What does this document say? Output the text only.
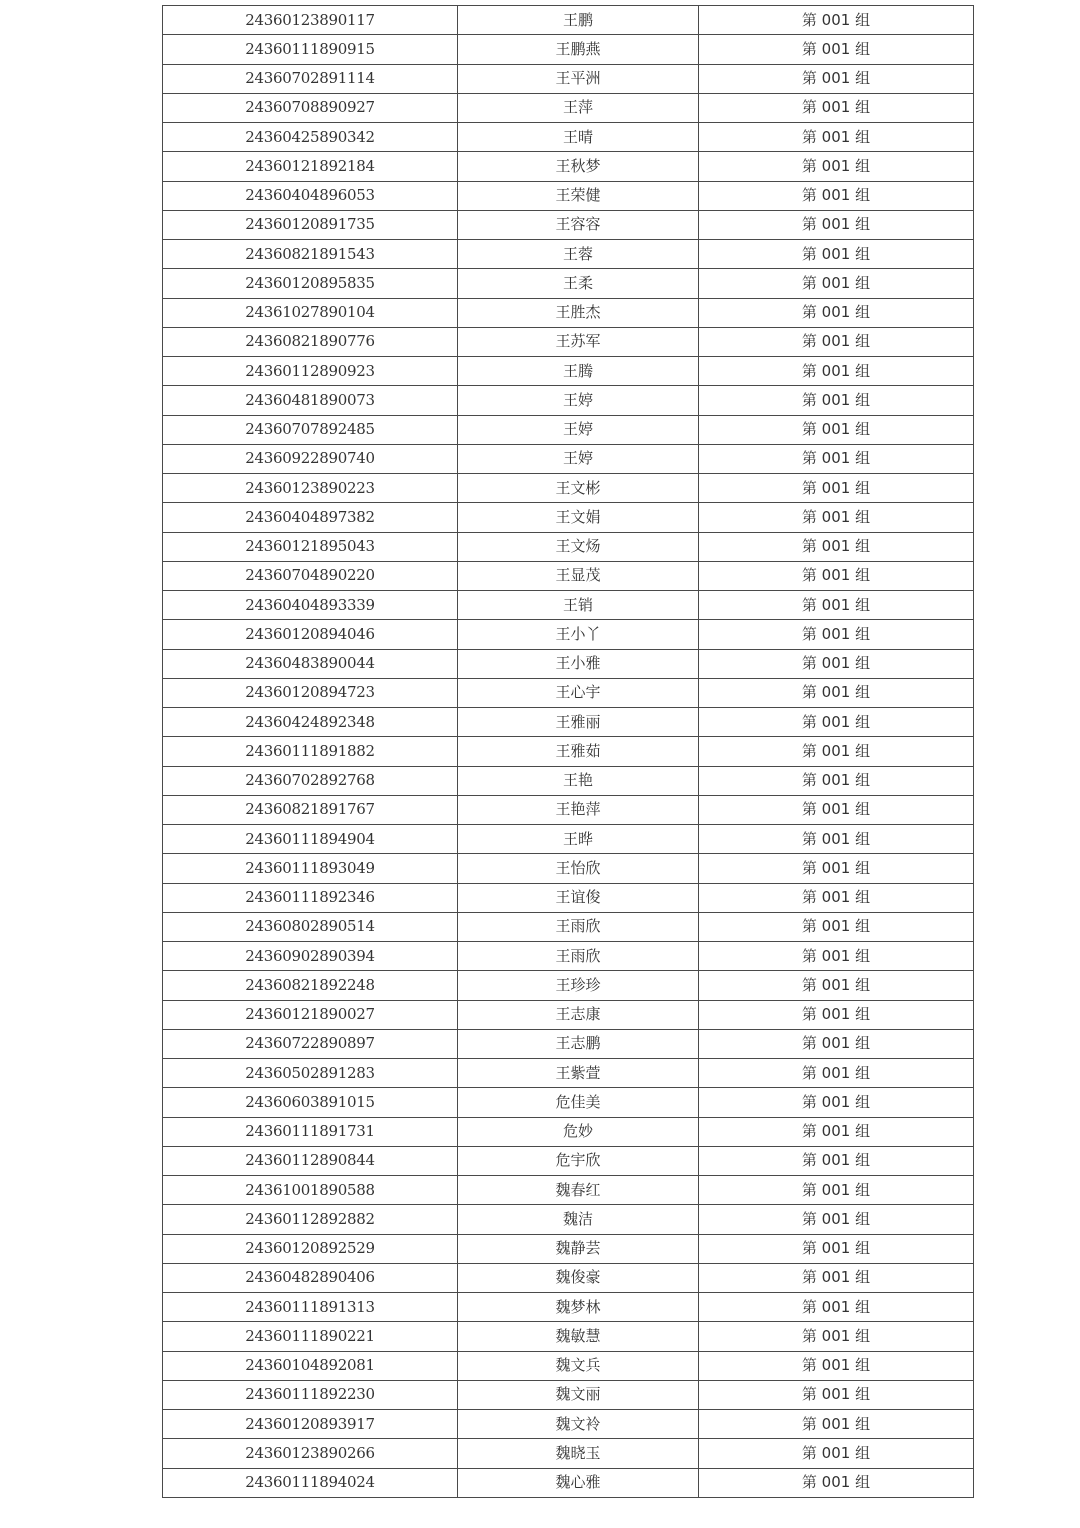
24360123890117	王鹏	第 001 组
24360111890915	王鹏燕	第 001 组
24360702891114	王平洲	第 001 组
24360708890927	王萍	第 001 组
24360425890342	王晴	第 001 组
24360121892184	王秋梦	第 001 组
24360404896053	王荣健	第 001 组
24360120891735	王容容	第 001 组
24360821891543	王蓉	第 001 组
24360120895835	王柔	第 001 组
24361027890104	王胜杰	第 001 组
24360821890776	王苏军	第 001 组
24360112890923	王腾	第 001 组
24360481890073	王婷	第 001 组
24360707892485	王婷	第 001 组
24360922890740	王婷	第 001 组
24360123890223	王文彬	第 001 组
24360404897382	王文娟	第 001 组
24360121895043	王文炀	第 001 组
24360704890220	王显茂	第 001 组
24360404893339	王销	第 001 组
24360120894046	王小丫	第 001 组
24360483890044	王小雅	第 001 组
24360120894723	王心宇	第 001 组
24360424892348	王雅丽	第 001 组
24360111891882	王雅茹	第 001 组
24360702892768	王艳	第 001 组
24360821891767	王艳萍	第 001 组
24360111894904	王晔	第 001 组
24360111893049	王怡欣	第 001 组
24360111892346	王谊俊	第 001 组
24360802890514	王雨欣	第 001 组
24360902890394	王雨欣	第 001 组
24360821892248	王珍珍	第 001 组
24360121890027	王志康	第 001 组
24360722890897	王志鹏	第 001 组
24360502891283	王紫萱	第 001 组
24360603891015	危佳美	第 001 组
24360111891731	危妙	第 001 组
24360112890844	危宇欣	第 001 组
24361001890588	魏春红	第 001 组
24360112892882	魏洁	第 001 组
24360120892529	魏静芸	第 001 组
24360482890406	魏俊豪	第 001 组
24360111891313	魏梦林	第 001 组
24360111890221	魏敏慧	第 001 组
24360104892081	魏文兵	第 001 组
24360111892230	魏文丽	第 001 组
24360120893917	魏文袊	第 001 组
24360123890266	魏晓玉	第 001 组
24360111894024	魏心雅	第 001 组
